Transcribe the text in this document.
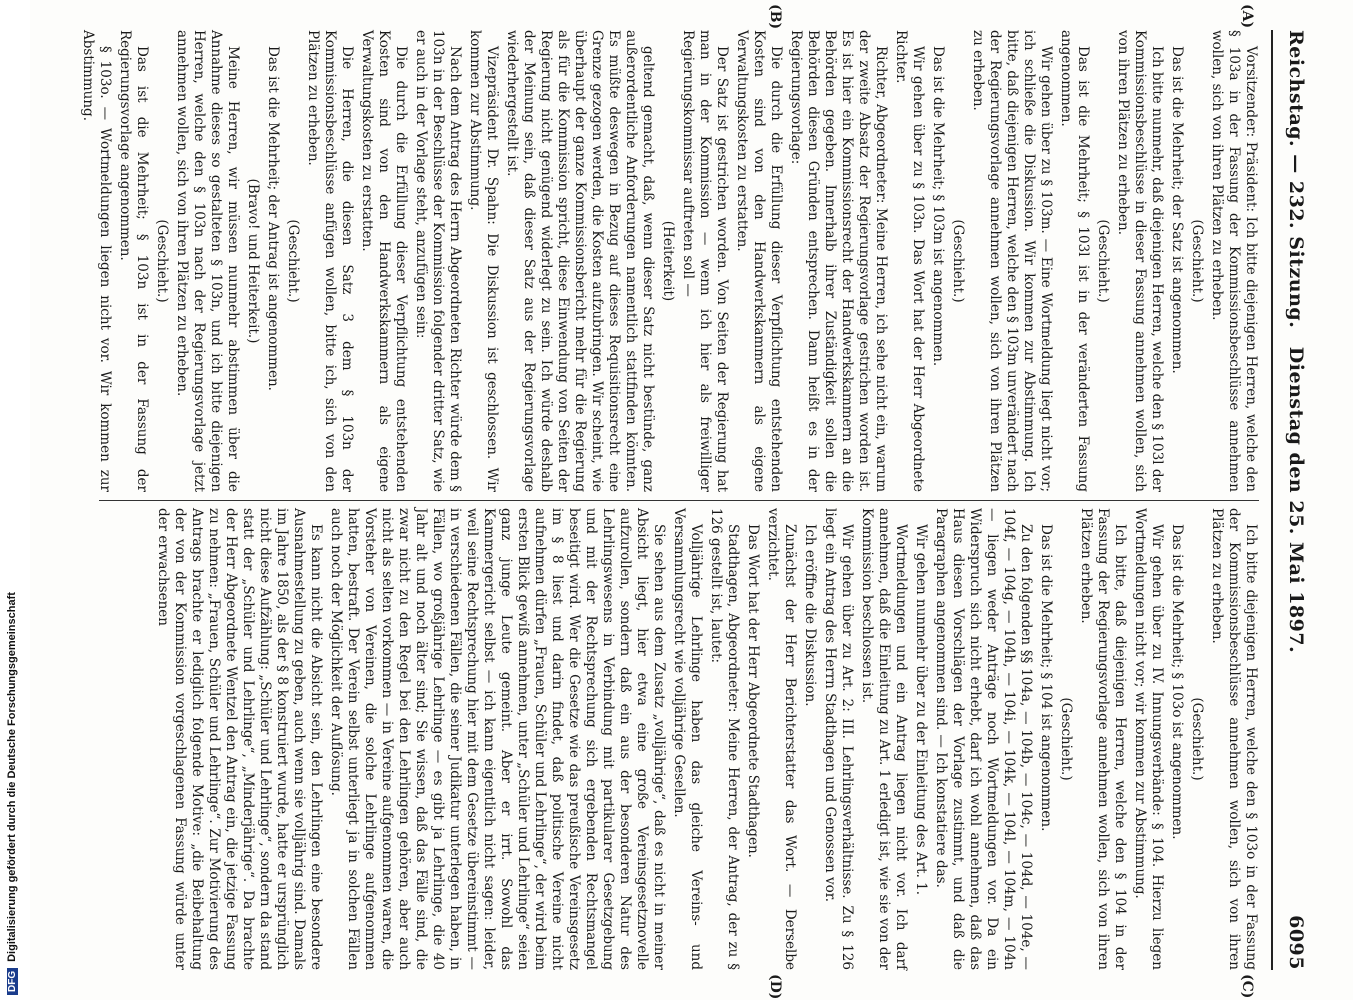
Reichstag. — 232. Sitzung.
Dienstag den 25. Mai 1897.
6095
(A)
(B)
(C)
(D)

Vorsitzender: Präsident: Ich bitte diejenigen Herren, welche den § 103a in der Fassung der Kommissionsbeschlüsse annehmen wollen, sich von ihren Plätzen zu erheben.

(Geschieht.)

Das ist die Mehrheit; der Satz ist angenommen.

Ich bitte nunmehr, daß diejenigen Herren, welche den § 103l der Kommissionsbeschlüsse in dieser Fassung annehmen wollen, sich von ihren Plätzen zu erheben.

(Geschieht.)

Das ist die Mehrheit; § 103l ist in der veränderten Fassung angenommen.

Wir gehen über zu § 103m. — Eine Wortmeldung liegt nicht vor; ich schließe die Diskussion. Wir kommen zur Abstimmung. Ich bitte, daß diejenigen Herren, welche den § 103m unverändert nach der Regierungsvorlage annehmen wollen, sich von ihren Plätzen zu erheben.

(Geschieht.)

Das ist die Mehrheit; § 103m ist angenommen.

Wir gehen über zu § 103n. Das Wort hat der Herr Abgeordnete Richter.

Richter, Abgeordneter: Meine Herren, ich sehe nicht ein, warum der zweite Absatz der Regierungsvorlage gestrichen worden ist. Es ist hier ein Kommissionsrecht der Handwerkskammern an die Behörden gegeben. Innerhalb ihrer Zuständigkeit sollen die Behörden diesen Gründen entsprechen. Dann heißt es in der Regierungsvorlage:

Die durch die Erfüllung dieser Verpflichtung entstehenden Kosten sind von den Handwerkskammern als eigene Verwaltungskosten zu erstatten.

Der Satz ist gestrichen worden. Von Seiten der Regierung hat man in der Kommission — wenn ich hier als freiwilliger Regierungskommissar auftreten soll —

(Heiterkeit)

geltend gemacht, daß, wenn dieser Satz nicht bestünde, ganz außerordentliche Anforderungen namentlich stattfinden könnten. Es müßte deswegen in Bezug auf dieses Requisitionsrecht eine Grenze gezogen werden, die Kosten aufzubringen. Wir scheint, wie überhaupt der ganze Kommissionsbericht mehr für die Regierung als für die Kommission spricht, diese Einwendung von Seiten der Regierung nicht genügend widerlegt zu sein. Ich würde deshalb der Meinung sein, daß dieser Satz aus der Regierungsvorlage wiederhergestellt ist.

Vizepräsident Dr. Spahn: Die Diskussion ist geschlossen. Wir kommen zur Abstimmung.

Nach dem Antrag des Herrn Abgeordneten Richter würde dem § 103n in der Beschlüsse der Kommission folgender dritter Satz, wie er auch in der Vorlage steht, anzufügen sein:

Die durch die Erfüllung dieser Verpflichtung entstehenden Kosten sind von den Handwerkskammern als eigene Verwaltungskosten zu erstatten.

Die Herren, die diesen Satz 3 dem § 103n der Kommissionsbeschlüsse anfügen wollen, bitte ich, sich von den Plätzen zu erheben.

(Geschieht.)

Das ist die Mehrheit; der Antrag ist angenommen.

(Bravo! und Heiterkeit.)

Meine Herren, wir müssen nunmehr abstimmen über die Annahme dieses so gestalteten § 103n, und ich bitte diejenigen Herren, welche den § 103n nach der Regierungsvorlage jetzt annehmen wollen, sich von ihren Plätzen zu erheben.

(Geschieht.)

Das ist die Mehrheit; § 103n ist in der Fassung der Regierungsvorlage angenommen.

§ 103o. — Wortmeldungen liegen nicht vor. Wir kommen zur Abstimmung.

Ich bitte diejenigen Herren, welche den § 103o in der Fassung der Kommissionsbeschlüsse annehmen wollen, sich von ihren Plätzen zu erheben.

(Geschieht.)

Das ist die Mehrheit; § 103o ist angenommen.

Wir gehen über zu IV. Innungsverbände: § 104. Hierzu liegen Wortmeldungen nicht vor; wir kommen zur Abstimmung.

Ich bitte, daß diejenigen Herren, welche den § 104 in der Fassung der Regierungsvorlage annehmen wollen, sich von ihren Plätzen erheben.

(Geschieht.)

Das ist die Mehrheit; § 104 ist angenommen.

Zu den folgenden §§ 104a, — 104b, — 104c, — 104d, — 104e, — 104f, — 104g, — 104h, — 104i, — 104k, — 104l, — 104m, — 104n — liegen weder Anträge noch Wortmeldungen vor. Da ein Widerspruch sich nicht erhebt, darf ich wohl annehmen, daß das Haus diesen Vorschlägen der Vorlage zustimmt, und daß die Paragraphen angenommen sind. — Ich konstatiere das.

Wir gehen nunmehr über zu der Einleitung des Art. 1.

Wortmeldungen und ein Antrag liegen nicht vor. Ich darf annehmen, daß die Einleitung zu Art. 1 erledigt ist, wie sie von der Kommission beschlossen ist.

Wir gehen über zu Art. 2: III. Lehrlingsverhältnisse. Zu § 126 liegt ein Antrag des Herrn Stadthagen und Genossen vor.

Ich eröffne die Diskussion.

Zunächst der Herr Berichterstatter das Wort. — Derselbe verzichtet.

Das Wort hat der Herr Abgeordnete Stadthagen.

Stadthagen, Abgeordneter: Meine Herren, der Antrag, der zu § 126 gestellt ist, lautet:

Volljährige Lehrlinge haben das gleiche Vereins- und Versammlungsrecht wie volljährige Gesellen.

Sie sehen aus dem Zusatz „volljährige“, daß es nicht in meiner Absicht liegt, hier etwa eine große Vereinsgesetznovelle aufzurollen, sondern daß ein aus der besonderen Natur des Lehrlingswesens in Verbindung mit partikularer Gesetzgebung und mit der Rechtsprechung sich ergebenden Rechtsmangel beseitigt wird. Wer die Gesetze wie das preußische Vereinsgesetz im § 8 liest und darin findet, daß politische Vereine nicht aufnehmen dürfen „Frauen, Schüler und Lehrlinge“, der wird beim ersten Blick gewiß annehmen, unter „Schüler und Lehrlinge“ seien ganz junge Leute gemeint. Aber er irrt. Sowohl das Kammergericht selbst — ich kann eigentlich nicht sagen: leider, weil seine Rechtsprechung hier mit dem Gesetze übereinstimmt — in verschiedenen Fällen, die seiner Judikatur unterlegen haben, in Fällen, wo großjährige Lehrlinge — es gibt ja Lehrlinge, die 40 Jahr alt und noch älter sind; Sie wissen, daß das Fälle sind, die zwar nicht zu den Regel bei den Lehrlingen gehören, aber auch nicht als selten vorkommen — in Vereine aufgenommen waren, die Vorsteher von Vereinen, die solche Lehrlinge aufgenommen hatten, bestraft. Der Verein selbst unterliegt ja in solchen Fällen auch noch der Möglichkeit der Auflösung.

Es kann nicht die Absicht sein, den Lehrlingen eine besondere Ausnahmestellung zu geben, auch wenn sie volljährig sind. Damals im Jahre 1850, als der § 8 konstruiert wurde, hatte er ursprünglich nicht diese Aufzählung: „Schüler und Lehrlinge“, sondern da stand statt der „Schüler und Lehrlinge“, „Minderjährige“. Da brachte der Herr Abgeordnete Wentzel den Antrag ein, die jetzige Fassung zu nehmen: „Frauen, Schüler und Lehrlinge“. Zur Motivierung des Antrags brachte er lediglich folgende Motive: „die Beibehaltung der von der Kommission vorgeschlagenen Fassung würde unter der erwachsenen

DFGDigitalisierung gefördert durch die Deutsche Forschungsgemeinschaft
